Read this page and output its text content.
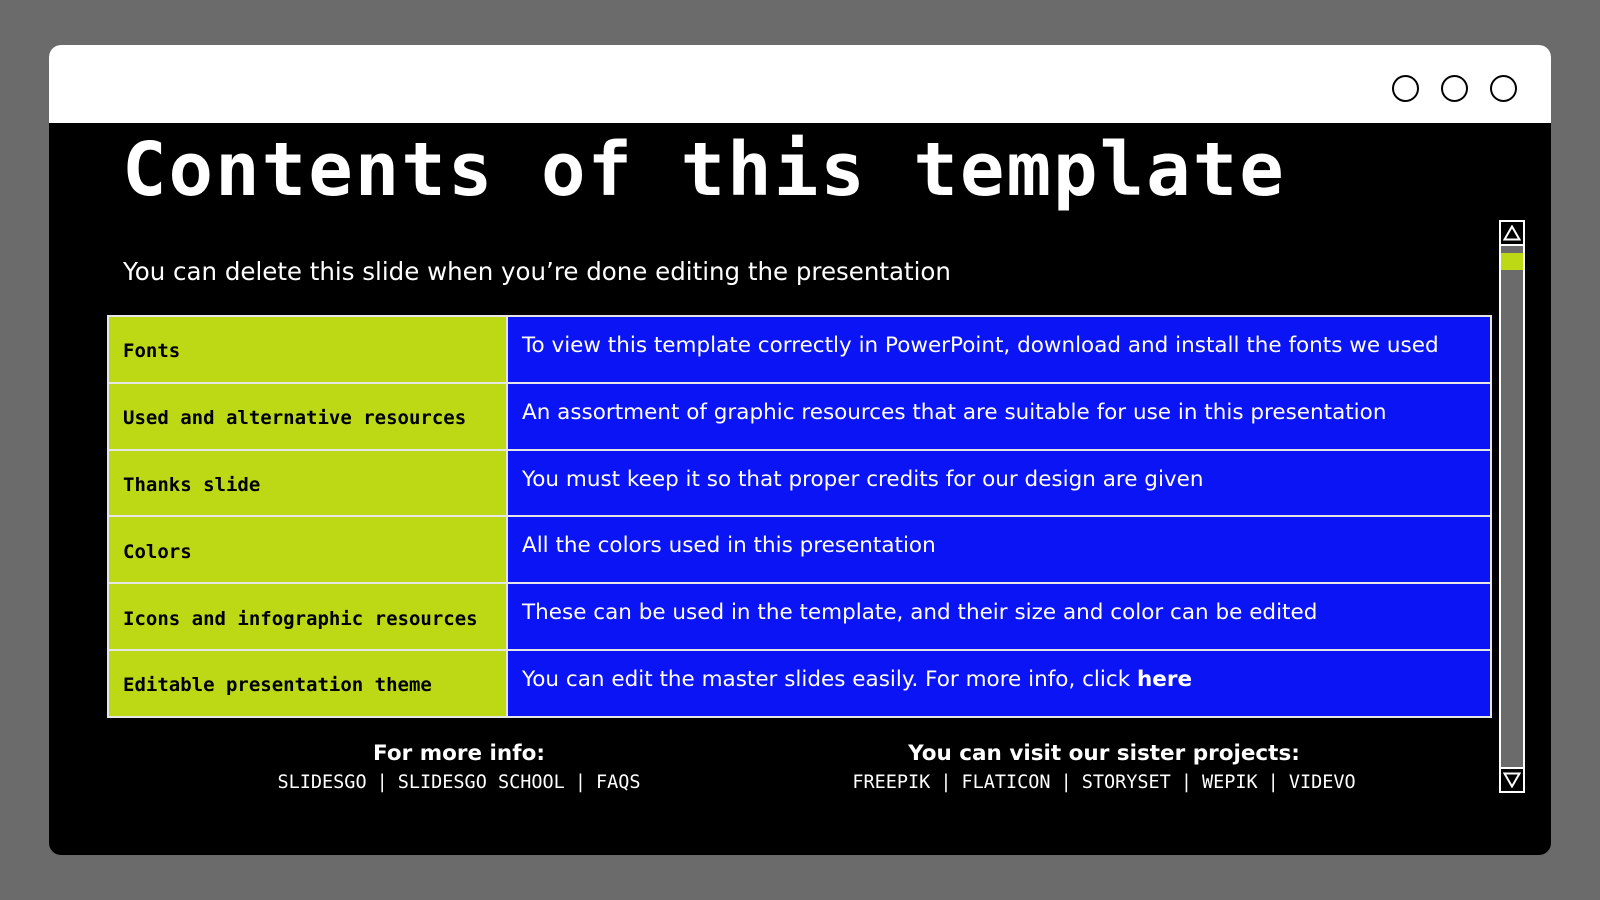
Contents of this template

You can delete this slide when you’re done editing the presentation

Fonts	To view this template correctly in PowerPoint, download and install the fonts we used
Used and alternative resources	An assortment of graphic resources that are suitable for use in this presentation
Thanks slide	You must keep it so that proper credits for our design are given
Colors	All the colors used in this presentation
Icons and infographic resources	These can be used in the template, and their size and color can be edited
Editable presentation theme	You can edit the master slides easily. For more info, click here
For more info:
SLIDESGO | SLIDESGO SCHOOL | FAQS
You can visit our sister projects:
FREEPIK | FLATICON | STORYSET | WEPIK | VIDEVO
